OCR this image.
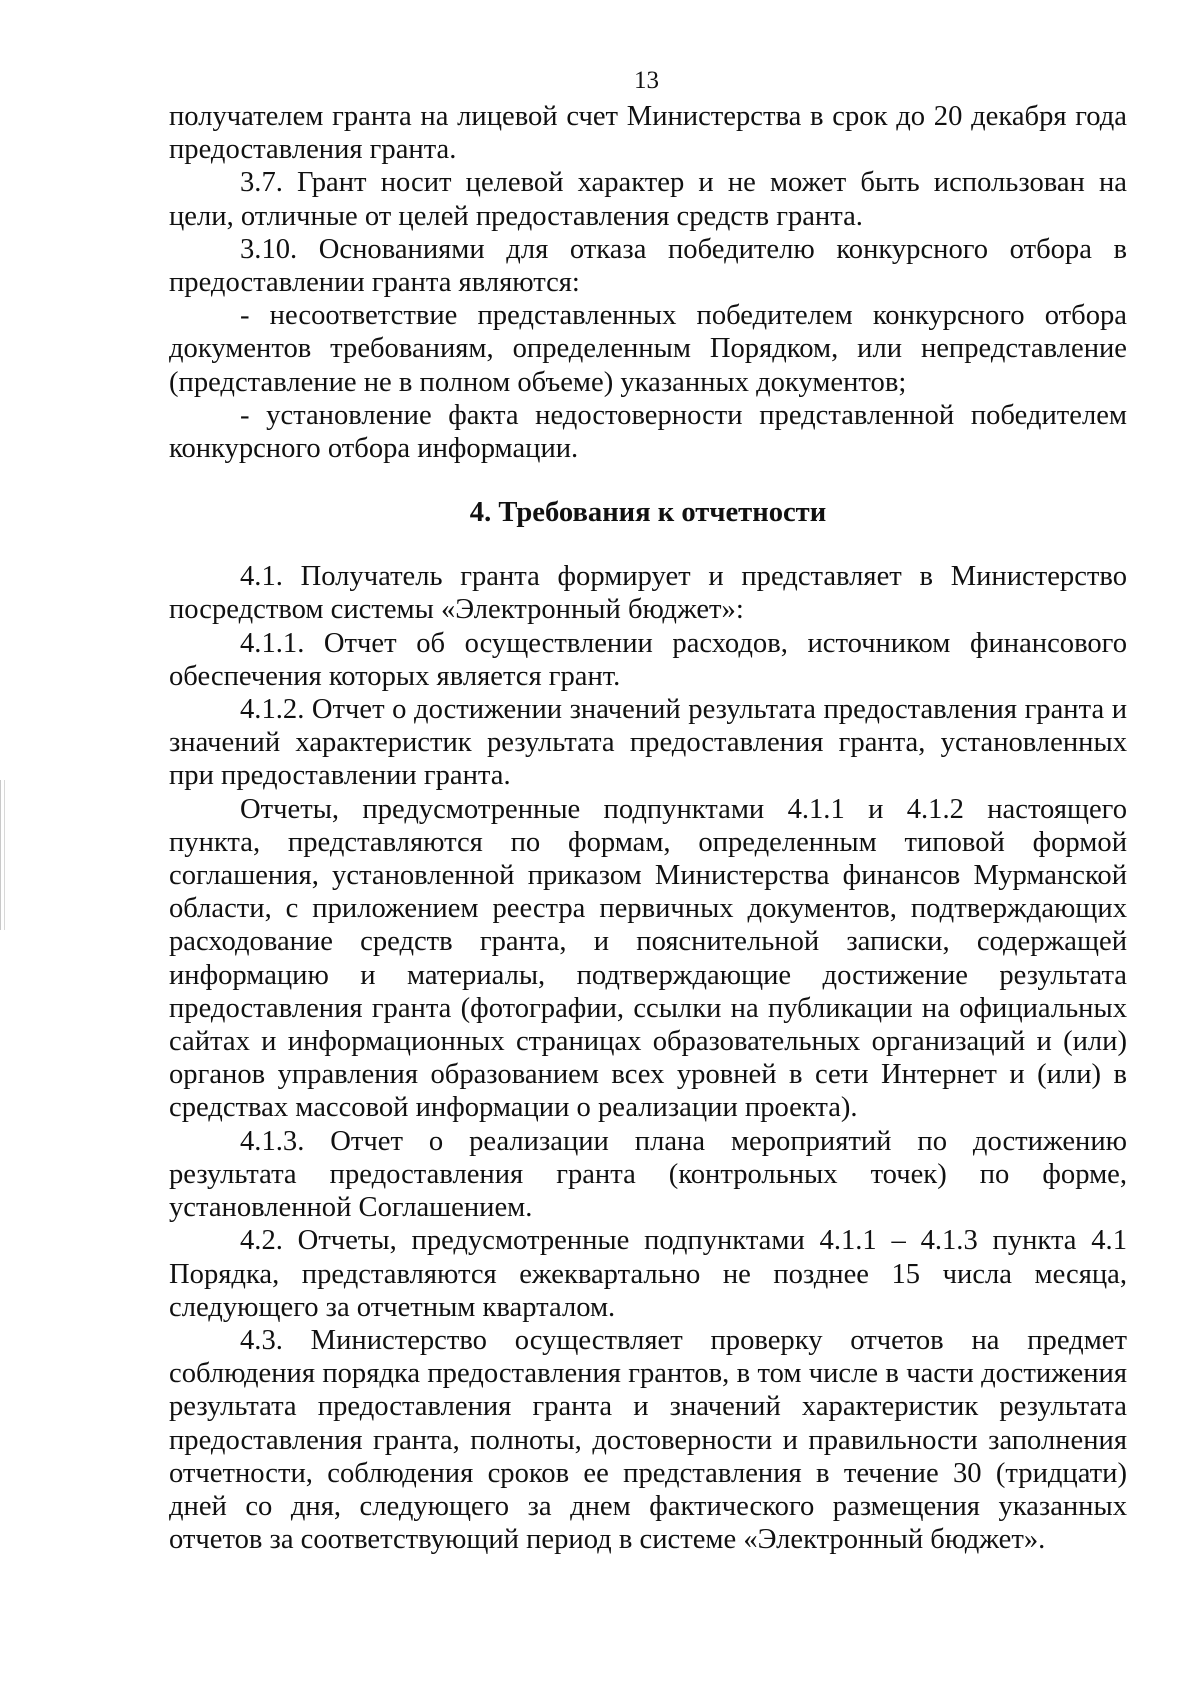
13

получателем гранта на лицевой счет Министерства в срок до 20 декабря года предоставления гранта.

3.7. Грант носит целевой характер и не может быть использован на цели, отличные от целей предоставления средств гранта.

3.10. Основаниями для отказа победителю конкурсного отбора в предоставлении гранта являются:

- несоответствие представленных победителем конкурсного отбора документов требованиям, определенным Порядком, или непредставление (представление не в полном объеме) указанных документов;

- установление факта недостоверности представленной победителем конкурсного отбора информации.

4. Требования к отчетности

4.1. Получатель гранта формирует и представляет в Министерство посредством системы «Электронный бюджет»:

4.1.1. Отчет об осуществлении расходов, источником финансового обеспечения которых является грант.

4.1.2. Отчет о достижении значений результата предоставления гранта и значений характеристик результата предоставления гранта, установленных при предоставлении гранта.

Отчеты, предусмотренные подпунктами 4.1.1 и 4.1.2 настоящего пункта, представляются по формам, определенным типовой формой соглашения, установленной приказом Министерства финансов Мурманской области, с приложением реестра первичных документов, подтверждающих расходование средств гранта, и пояснительной записки, содержащей информацию и материалы, подтверждающие достижение результата предоставления гранта (фотографии, ссылки на публикации на официальных сайтах и информационных страницах образовательных организаций и (или) органов управления образованием всех уровней в сети Интернет и (или) в средствах массовой информации о реализации проекта).

4.1.3. Отчет о реализации плана мероприятий по достижению результата предоставления гранта (контрольных точек) по форме, установленной Соглашением.

4.2. Отчеты, предусмотренные подпунктами 4.1.1 – 4.1.3 пункта 4.1 Порядка, представляются ежеквартально не позднее 15 числа месяца, следующего за отчетным кварталом.

4.3. Министерство осуществляет проверку отчетов на предмет соблюдения порядка предоставления грантов, в том числе в части достижения результата предоставления гранта и значений характеристик результата предоставления гранта, полноты, достоверности и правильности заполнения отчетности, соблюдения сроков ее представления в течение 30 (тридцати) дней со дня, следующего за днем фактического размещения указанных отчетов за соответствующий период в системе «Электронный бюджет».
